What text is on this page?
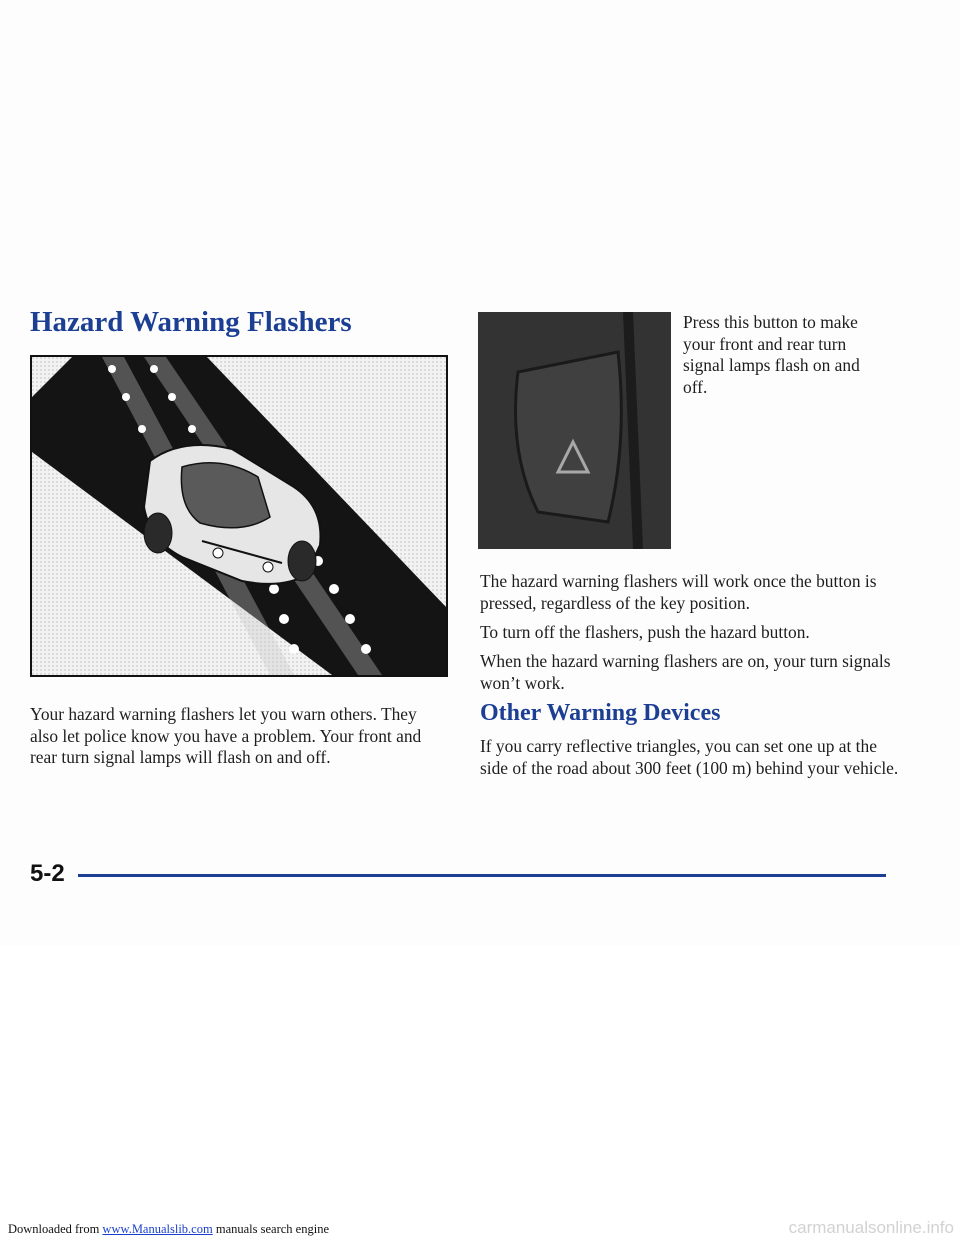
Hazard Warning Flashers

Your hazard warning flashers let you warn others. They also let police know you have a problem. Your front and rear turn signal lamps will flash on and off.

Press this button to make your front and rear turn signal lamps flash on and off.

The hazard warning flashers will work once the button is pressed, regardless of the key position.

To turn off the flashers, push the hazard button.

When the hazard warning flashers are on, your turn signals won’t work.

Other Warning Devices

If you carry reflective triangles, you can set one up at the side of the road about 300 feet (100 m) behind your vehicle.

5-2

Downloaded from www.Manualslib.com manuals search engine	carmanualsonline.info
